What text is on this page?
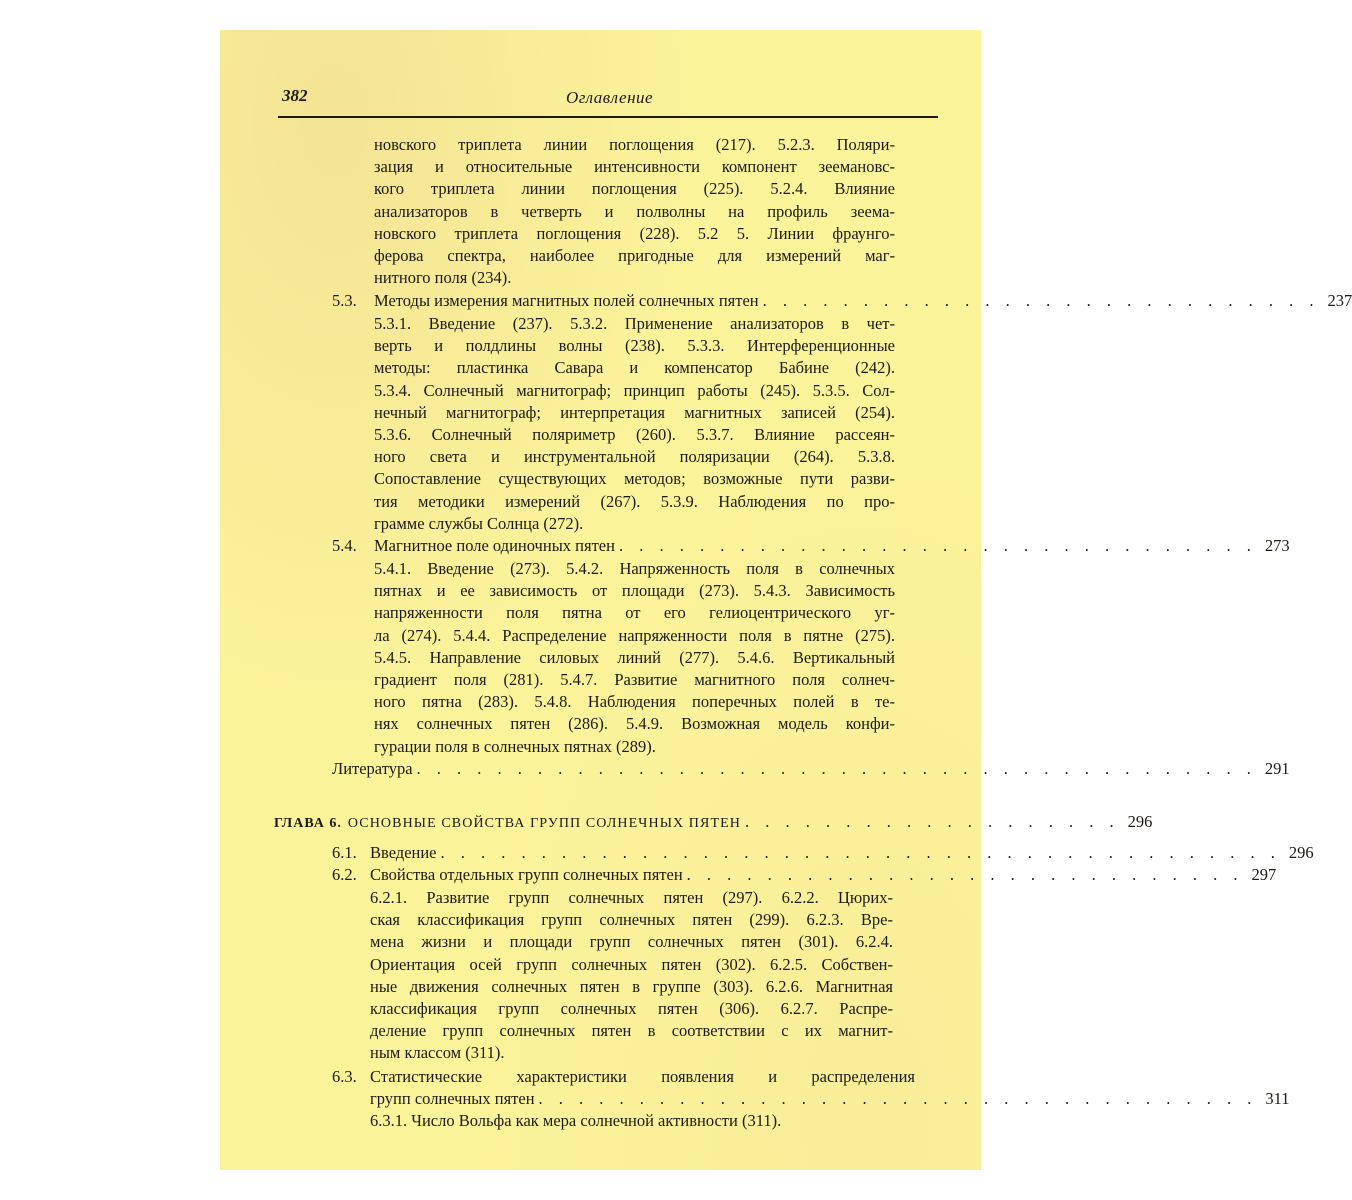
382	Оглавление
новского триплета линии поглощения (217). 5.2.3. Поляри-
зация и относительные интенсивности компонент зеемановс-
кого триплета линии поглощения (225). 5.2.4. Влияние
анализаторов в четверть и полволны на профиль зеема-
новского триплета поглощения (228). 5.2 5. Линии фраунго-
ферова спектра, наиболее пригодные для измерений маг-
нитного поля (234).
5.3.	Методы измерения магнитных полей солнечных пятен . . . . . . . . . . . . . . . . . . . . . . . . . . . . 237
5.3.1. Введение (237). 5.3.2. Применение анализаторов в чет-
верть и полдлины волны (238). 5.3.3. Интерференционные
методы: пластинка Савара и компенсатор Бабине (242).
5.3.4. Солнечный магнитограф; принцип работы (245). 5.3.5. Сол-
нечный магнитограф; интерпретация магнитных записей (254).
5.3.6. Солнечный поляриметр (260). 5.3.7. Влияние рассеян-
ного света и инструментальной поляризации (264). 5.3.8.
Сопоставление существующих методов; возможные пути разви-
тия методики измерений (267). 5.3.9. Наблюдения по про-
грамме службы Солнца (272).
5.4.	Магнитное поле одиночных пятен . . . . . . . . . . . . . . . . . . . . . . . . . . . . . . . . 273
5.4.1. Введение (273). 5.4.2. Напряженность поля в солнечных
пятнах и ее зависимость от площади (273). 5.4.3. Зависимость
напряженности поля пятна от его гелиоцентрического уг-
ла (274). 5.4.4. Распределение напряженности поля в пятне (275).
5.4.5. Направление силовых линий (277). 5.4.6. Вертикальный
градиент поля (281). 5.4.7. Развитие магнитного поля солнеч-
ного пятна (283). 5.4.8. Наблюдения поперечных полей в те-
нях солнечных пятен (286). 5.4.9. Возможная модель конфи-
гурации поля в солнечных пятнах (289).
Литература . . . . . . . . . . . . . . . . . . . . . . . . . . . . . . . . . . . . . . . . . . 291
ГЛАВА 6. ОСНОВНЫЕ СВОЙСТВА ГРУПП СОЛНЕЧНЫХ ПЯТЕН . . . . . . . . . . . . . . . . . . . 296
6.1. Введение . . . . . . . . . . . . . . . . . . . . . . . . . . . . . . . . . . . . . . . . . . 296
6.2. Свойства отдельных групп солнечных пятен . . . . . . . . . . . . . . . . . . . . . . . . . . . . 297
6.2.1. Развитие групп солнечных пятен (297). 6.2.2. Цюрих-
ская классификация групп солнечных пятен (299). 6.2.3. Вре-
мена жизни и площади групп солнечных пятен (301). 6.2.4.
Ориентация осей групп солнечных пятен (302). 6.2.5. Собствен-
ные движения солнечных пятен в группе (303). 6.2.6. Магнитная
классификация групп солнечных пятен (306). 6.2.7. Распре-
деление групп солнечных пятен в соответствии с их магнит-
ным классом (311).
6.3. Статистические характеристики появления и распределения
групп солнечных пятен . . . . . . . . . . . . . . . . . . . . . . . . . . . . . . . . . . . . 311
6.3.1. Число Вольфа как мера солнечной активности (311).
